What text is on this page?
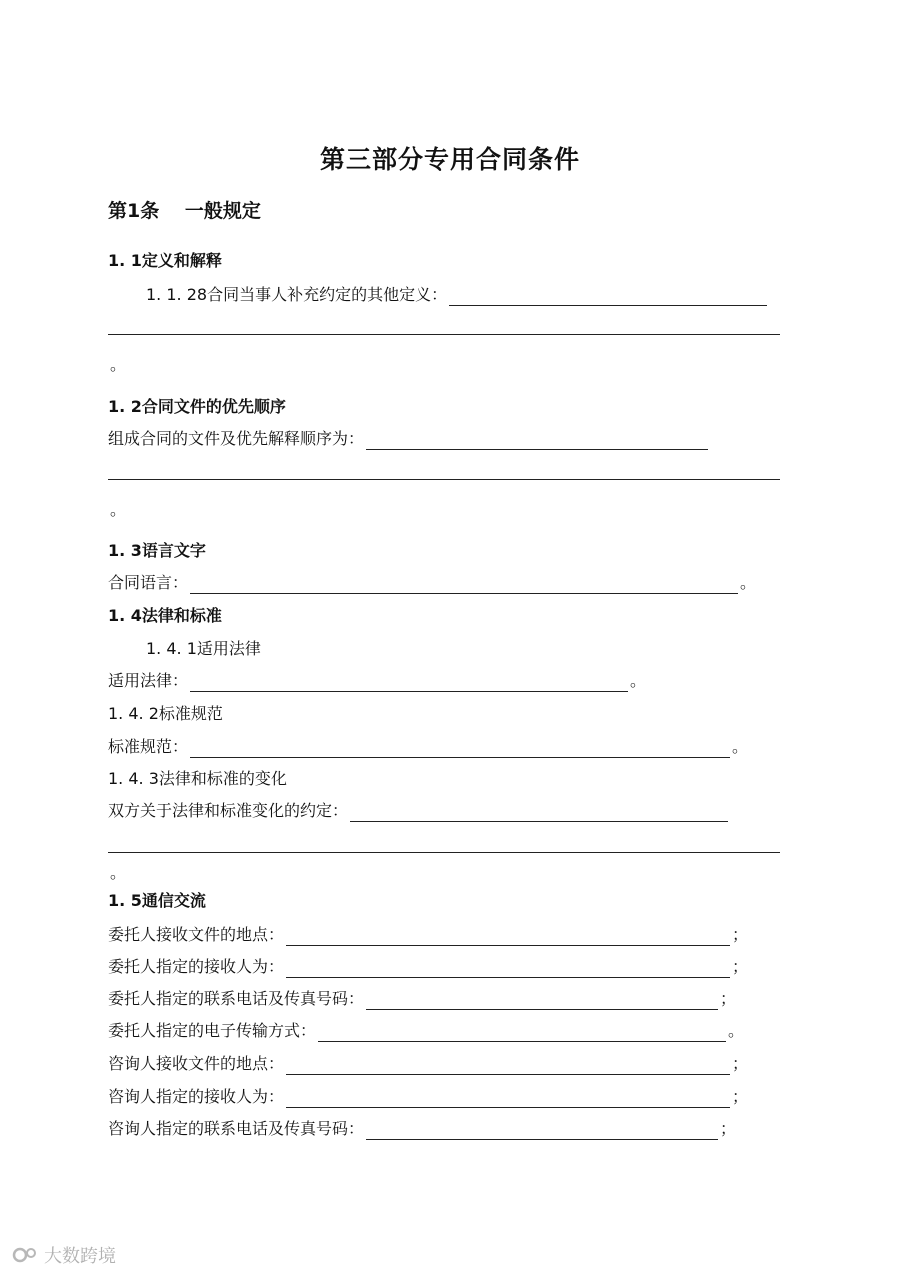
第三部分专用合同条件
第1条　 一般规定
1. 1定义和解释
1. 1. 28合同当事人补充约定的其他定义：
。
1. 2合同文件的优先顺序
组成合同的文件及优先解释顺序为：
。
1. 3语言文字
合同语言：	。
1. 4法律和标准
1. 4. 1适用法律
适用法律：	。
1. 4. 2标准规范
标准规范：	。
1. 4. 3法律和标准的变化
双方关于法律和标准变化的约定：
。
1. 5通信交流
委托人接收文件的地点：	；
委托人指定的接收人为：	；
委托人指定的联系电话及传真号码：	；
委托人指定的电子传输方式：	。
咨询人接收文件的地点：	；
咨询人指定的接收人为：	；
咨询人指定的联系电话及传真号码：	；
大数跨境
